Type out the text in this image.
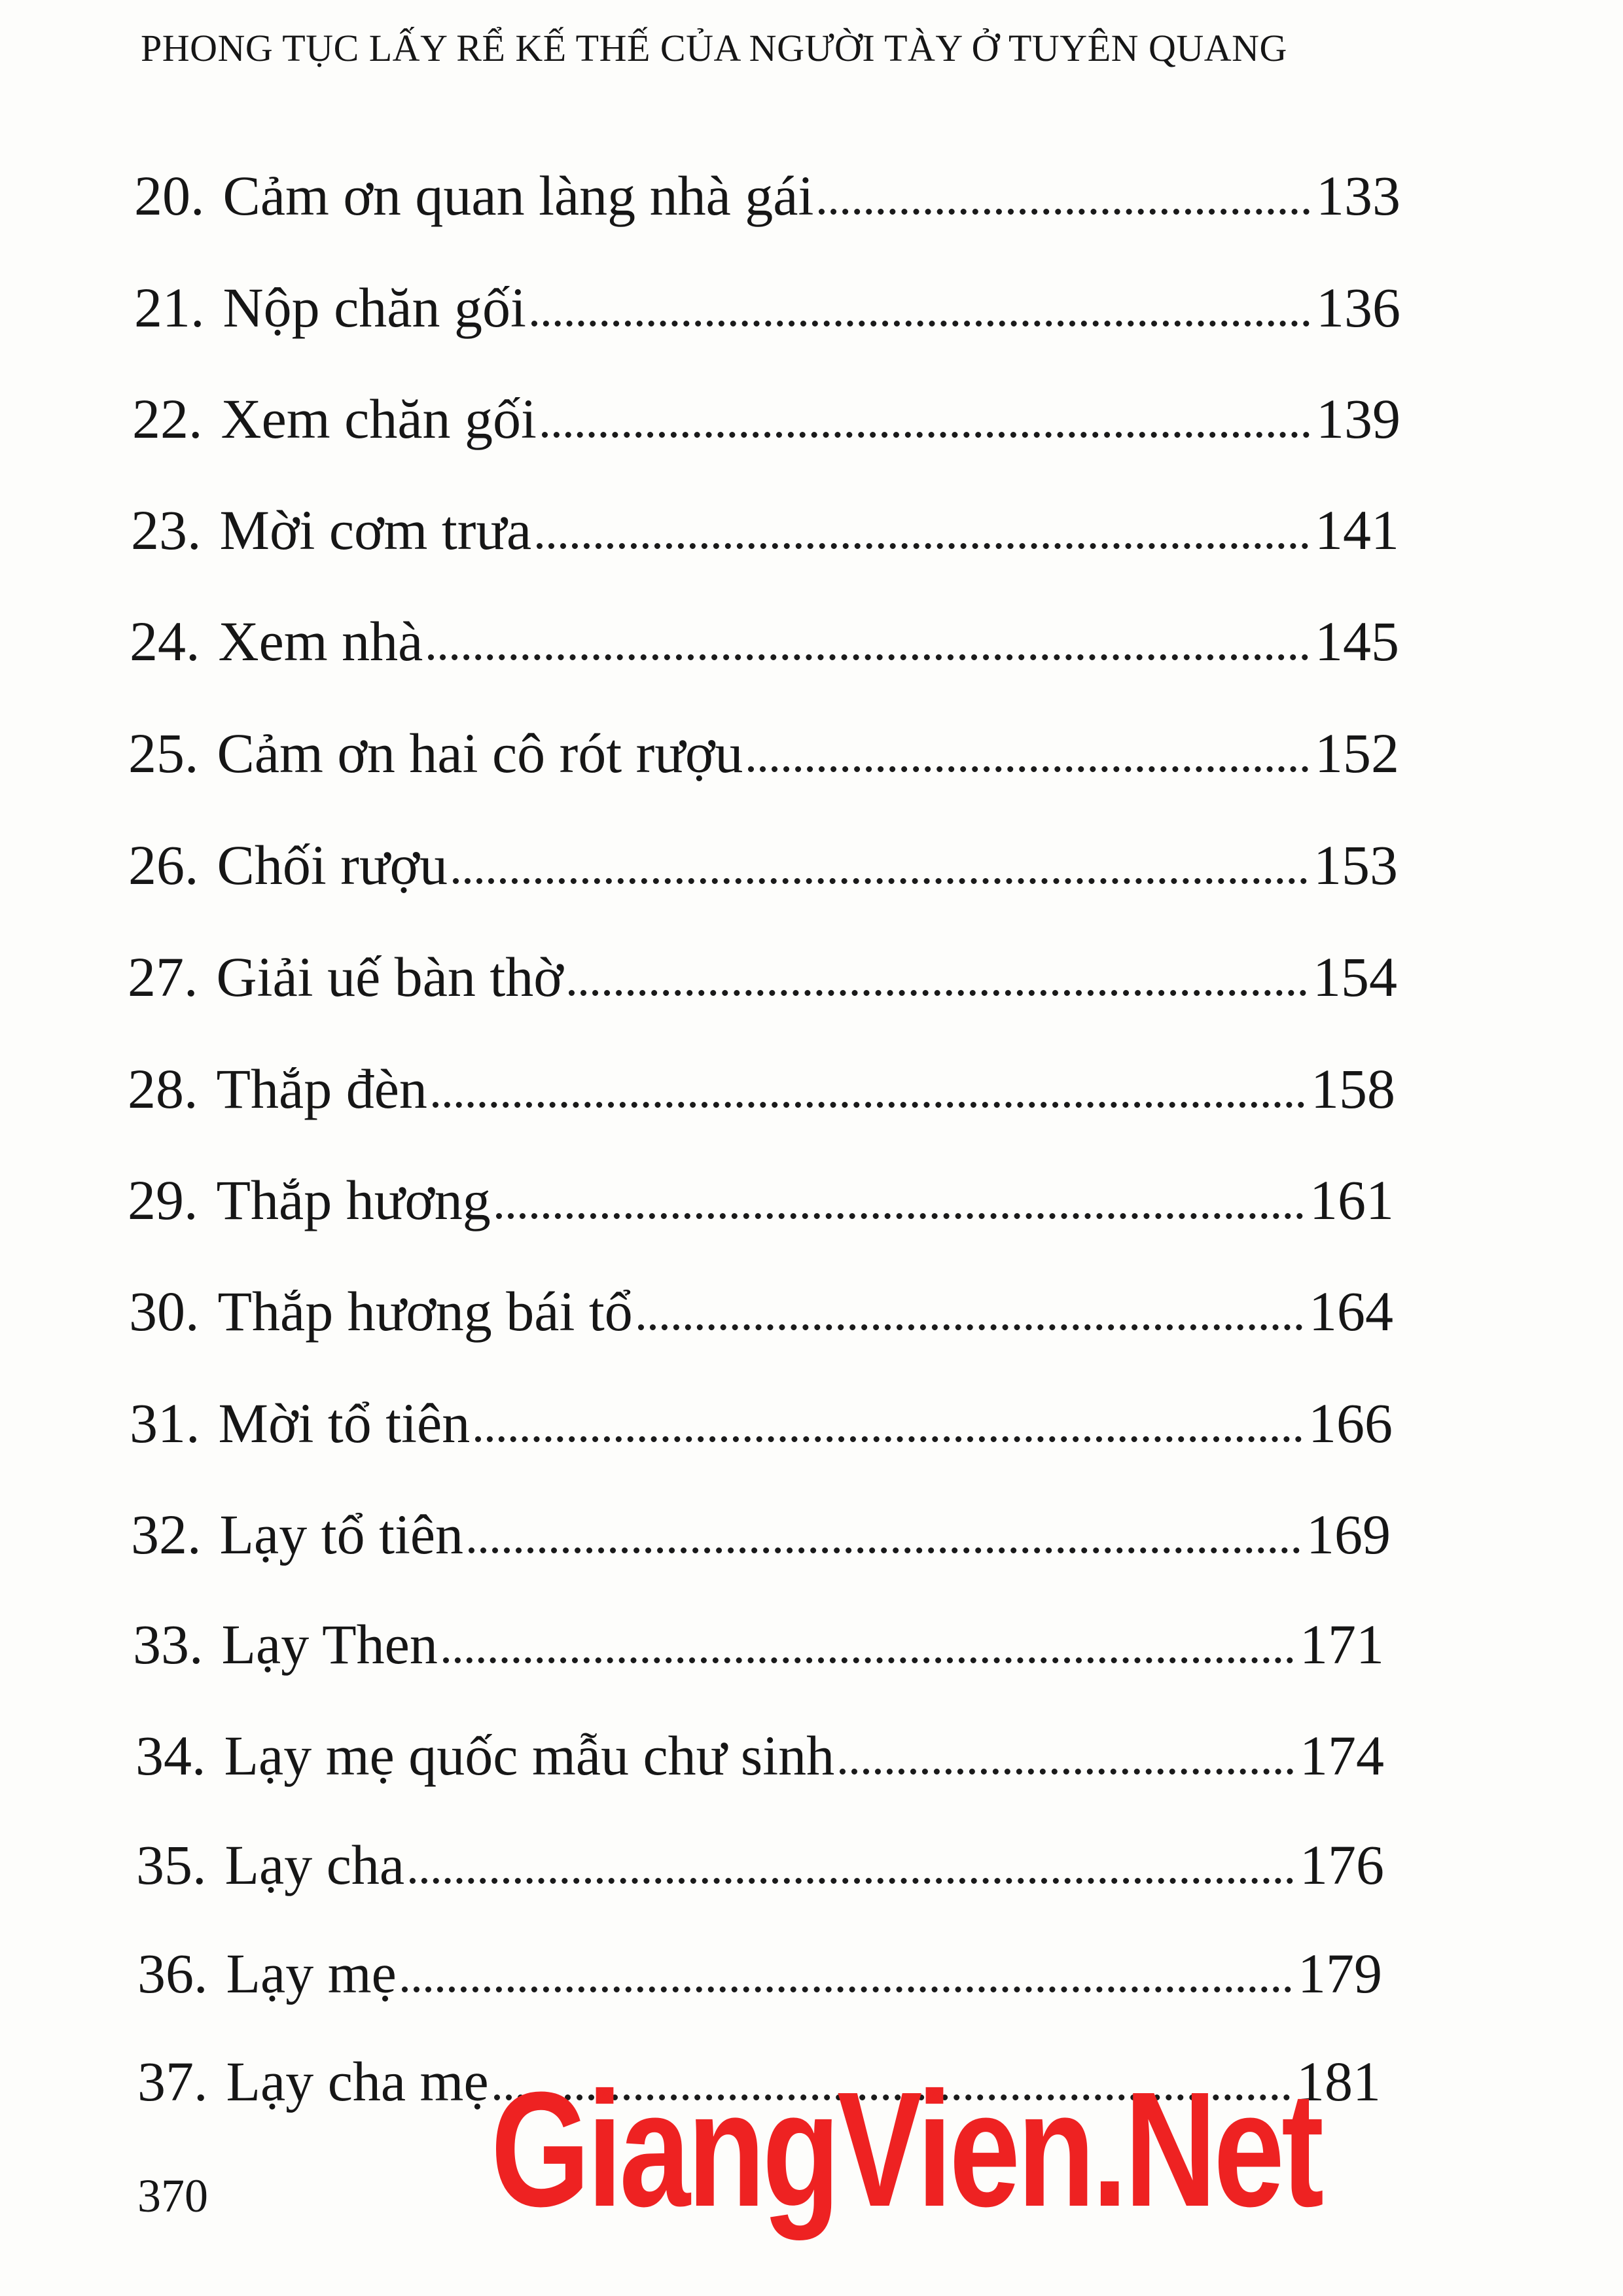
PHONG TỤC LẤY RỂ KẾ THẾ CỦA NGƯỜI TÀY Ở TUYÊN QUANG
20. Cảm ơn quan làng nhà gái	133
21. Nộp chăn gối	136
22. Xem chăn gối	139
23. Mời cơm trưa	141
24. Xem nhà	145
25. Cảm ơn hai cô rót rượu	152
26. Chối rượu	153
27. Giải uế bàn thờ	154
28. Thắp đèn	158
29. Thắp hương	161
30. Thắp hương bái tổ	164
31. Mời tổ tiên	166
32. Lạy tổ tiên	169
33. Lạy Then	171
34. Lạy mẹ quốc mẫu chư sinh	174
35. Lạy cha	176
36. Lạy mẹ	179
37. Lạy cha mẹ	181
370 GiangVien.Net
